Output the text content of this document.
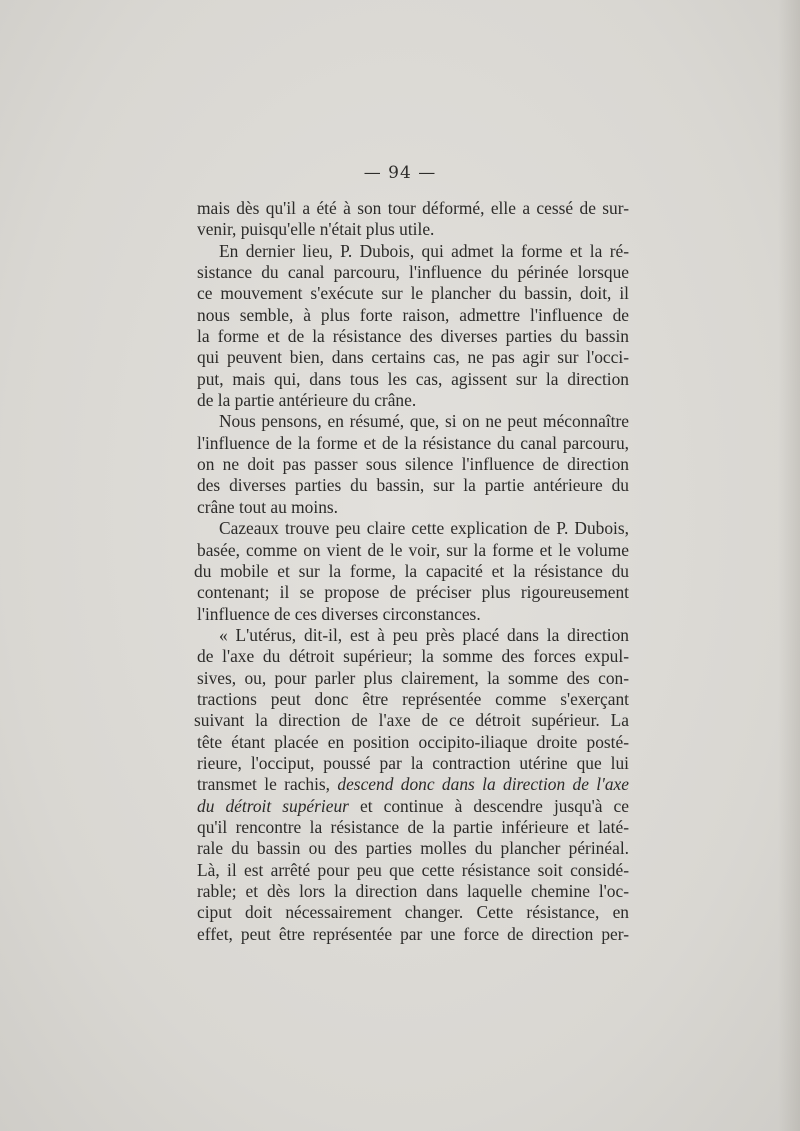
— 94 —
mais dès qu'il a été à son tour déformé, elle a cessé de sur-
venir, puisqu'elle n'était plus utile.
En dernier lieu, P. Dubois, qui admet la forme et la ré-
sistance du canal parcouru, l'influence du périnée lorsque
ce mouvement s'exécute sur le plancher du bassin, doit, il
nous semble, à plus forte raison, admettre l'influence de
la forme et de la résistance des diverses parties du bassin
qui peuvent bien, dans certains cas, ne pas agir sur l'occi-
put, mais qui, dans tous les cas, agissent sur la direction
de la partie antérieure du crâne.
Nous pensons, en résumé, que, si on ne peut méconnaître
l'influence de la forme et de la résistance du canal parcouru,
on ne doit pas passer sous silence l'influence de direction
des diverses parties du bassin, sur la partie antérieure du
crâne tout au moins.
Cazeaux trouve peu claire cette explication de P. Dubois,
basée, comme on vient de le voir, sur la forme et le volume
du mobile et sur la forme, la capacité et la résistance du
contenant; il se propose de préciser plus rigoureusement
l'influence de ces diverses circonstances.
« L'utérus, dit-il, est à peu près placé dans la direction
de l'axe du détroit supérieur; la somme des forces expul-
sives, ou, pour parler plus clairement, la somme des con-
tractions peut donc être représentée comme s'exerçant
suivant la direction de l'axe de ce détroit supérieur. La
tête étant placée en position occipito-iliaque droite posté-
rieure, l'occiput, poussé par la contraction utérine que lui
transmet le rachis, descend donc dans la direction de l'axe
du détroit supérieur et continue à descendre jusqu'à ce
qu'il rencontre la résistance de la partie inférieure et laté-
rale du bassin ou des parties molles du plancher périnéal.
Là, il est arrêté pour peu que cette résistance soit considé-
rable; et dès lors la direction dans laquelle chemine l'oc-
ciput doit nécessairement changer. Cette résistance, en
effet, peut être représentée par une force de direction per-
